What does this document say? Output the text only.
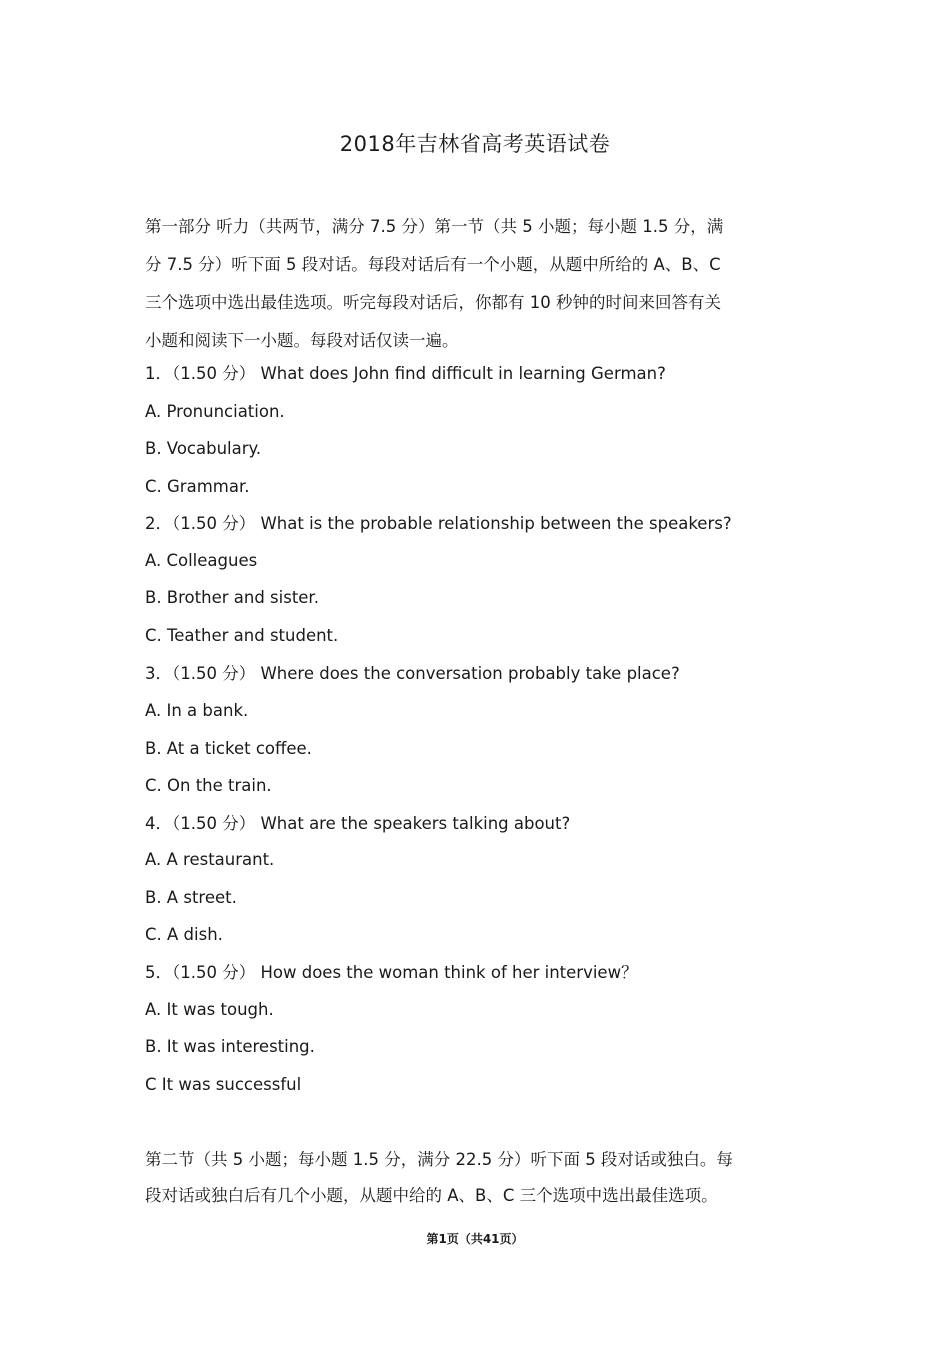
2018年吉林省高考英语试卷

第一部分 听力（共两节，满分 7.5 分）第一节（共 5 小题；每小题 1.5 分，满

分 7.5 分）听下面 5 段对话。每段对话后有一个小题，从题中所给的 A、B、C

三个选项中选出最佳选项。听完每段对话后，你都有 10 秒钟的时间来回答有关

小题和阅读下一小题。每段对话仅读一遍。

1．（1.50 分） What does John find difficult in learning German?
A. Pronunciation.
B. Vocabulary.
C. Grammar.
2．（1.50 分） What is the probable relationship between the speakers?
A. Colleagues
B. Brother and sister.
C. Teather and student.
3．（1.50 分） Where does the conversation probably take place?
A. In a bank.
B. At a ticket coffee.
C. On the train.
4．（1.50 分） What are the speakers talking about?
A. A restaurant.
B. A street.
C. A dish.
5．（1.50 分） How does the woman think of her interview？
A. It was tough.
B. It was interesting.
C It was successful

第二节（共 5 小题；每小题 1.5 分，满分 22.5 分）听下面 5 段对话或独白。每

段对话或独白后有几个小题，从题中给的 A、B、C 三个选项中选出最佳选项。

第1页（共41页）
